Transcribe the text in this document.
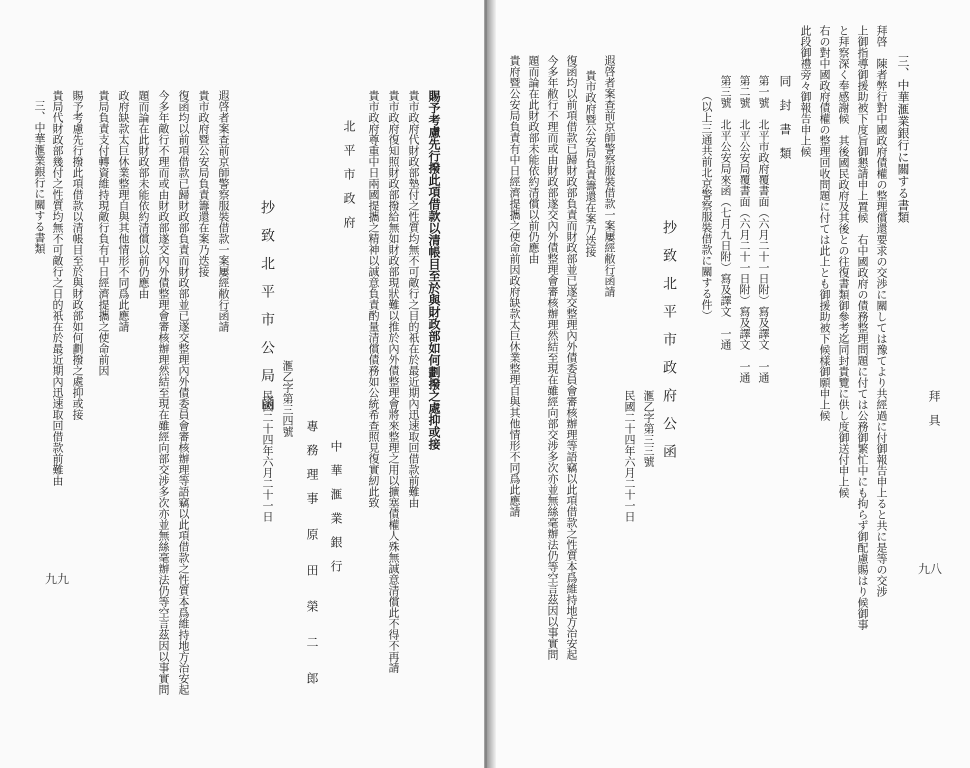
九八
三、中華滙業銀行に關する書類
拜啓　陳者弊行對中國政府債權の整理償還要求の交渉に關しては豫てより共經過に付御報告申上ると共に是等の交涉
上御指導御援助被下度旨御懇請申上置候　右中國政府の債務整理問題に付ては公務御繁忙中にも拘らず御配慮賜はり候御事
と拜察深く奉感謝候　其後國民政府及其後との往復書類御參考迄同封貴覽に供し度御送付申上候
右の對中國政府債權の整理回收問題に付ては此上とも御援助被下候樣御願申上候
此段御禮旁々御報告申上候
同　封　書　類
第一號　北平市政府覆書面（六月二十一日附）寫及譯文　一通
第二號　北平公安局覆書面（六月二十一日附）寫及譯文　一通
第三號　北平公安局來函（七月九日附）寫及譯文　一通
（以上三通共前北京警察服裝借款に關する件）
抄　致　北　平　市　政　府　公　函
滙乙字第三三號
民國二十四年六月二十一日
遐啓者案查前京師警察服裝借款一案屢經敝行函請
貴市政府暨公安局負責籌還在案乃迭接
復函均以前項借款已歸財政部負責而財政部並已遂交整理內外債委員會審核辦理等語竊以此項借款之性質本爲維持地方治安起
今多年敝行不理而或由財政部遂交內外債整理會審核辦理然結至現在雖經向部交涉多次亦並無絲毫辦法仍等空言茲因以事實問
題而論在此財政部未能依約清償以前仍應由
貴府暨公安局負責有中日經濟提攜之使命前因政府缺款太巨休業整理自與其他情形不同爲此應請	拜　具
九九
三、中華滙業銀行に關する書類 貴局代財政部幾付之性質均無不可敵行之日的祇在於最近期內迅速取回借款前難由 賜予考慮先行撥此項借款以清帳目至於與財政部如何劃撥之處抑或接 貴局負責支付轉資維持現敵行負有中日經濟提攜之使命前因 政府缺款太巨休業整理自與其他情形不同爲此應請 題而論在此財政部未能依約清償以前仍應由 今多年敵行不理而或由財政部遂交內外債整理會審核辦理然結至現在雖經向部交涉多次亦並無絲毫辦法仍等空言茲因以事實問 復函均以前項借款已歸財政部負責而財政部並已遂交整理內外債委員會審核辦理等語竊以此項借款之性質本爲維持地方治安起 貴市政府暨公安局負責籌還在案乃迭接 遐啓者案查前京師警察服裝借款一案屢經敝行函請 抄　致　北　平　市　公　局　函 滙乙字第三四號
民國二十四年六月二十一日
北　平　市　政　府 貴市政府尊重中日兩國提攜之精神以誠意負責酌量清償債務如公統希查照見復實紉此致 貴市政府復知照財政部撥給無如財政部現狀難以推於內外債整理會將來整理之用以擴塞債權人殊無誠意清償此不得不再請 貴市政府代財政部墊付之性質均無不可敵行之目的祇在於最近期內迅速取回借款前難由 賜予考慮先行撥此項借款以清帳目至於與財政部如何劃撥之處抑或接
中　華　滙　業　銀　行
專　務　理　事　　原　　田　　榮　　二　　郎
